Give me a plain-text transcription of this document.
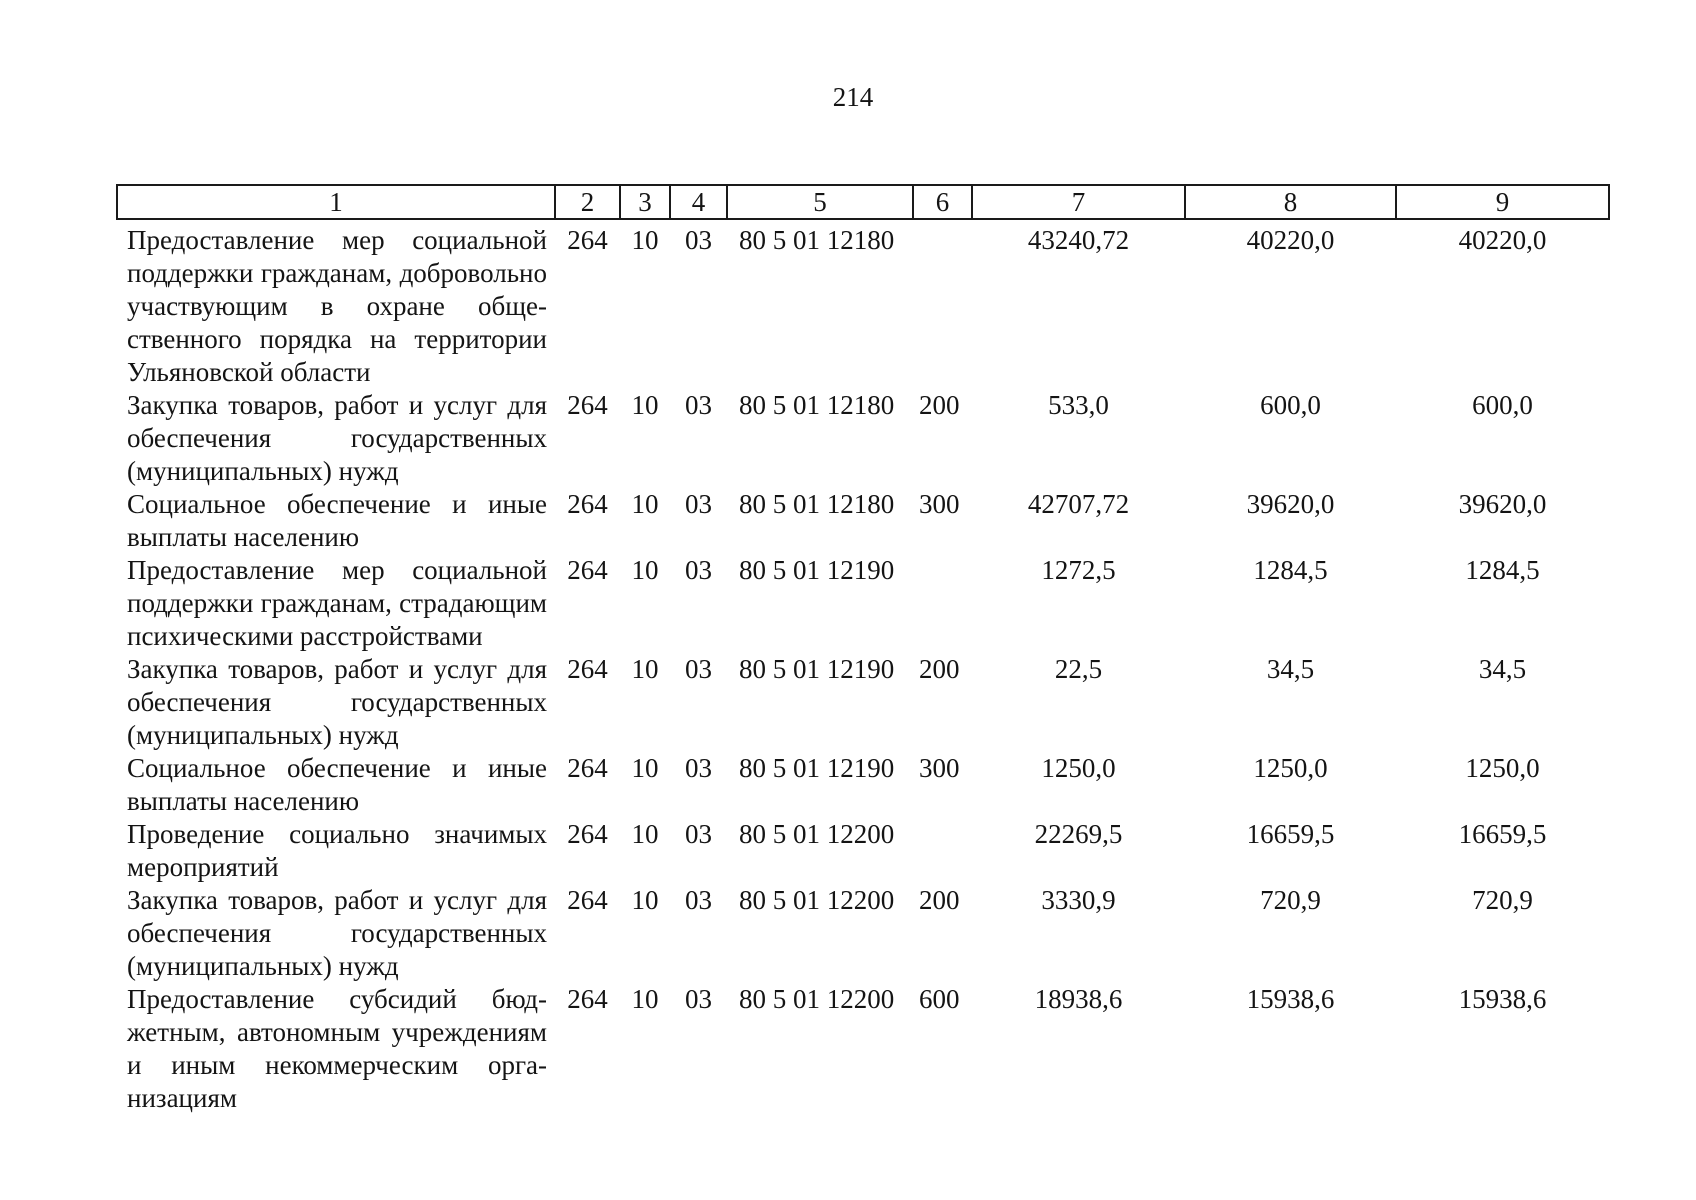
214
1	2	3	4	5	6	7	8	9
Предоставление мер социальной поддержки гражданам, добровольно участвующим в охране общественного порядка на территории Ульяновской области	264	10	03	80 5 01 12180		43240,72	40220,0	40220,0
Закупка товаров, работ и услуг для обеспечения государственных (муниципальных) нужд	264	10	03	80 5 01 12180	200	533,0	600,0	600,0
Социальное обеспечение и иные выплаты населению	264	10	03	80 5 01 12180	300	42707,72	39620,0	39620,0
Предоставление мер социальной поддержки гражданам, страдающим психическими расстройствами	264	10	03	80 5 01 12190		1272,5	1284,5	1284,5
Закупка товаров, работ и услуг для обеспечения государственных (муниципальных) нужд	264	10	03	80 5 01 12190	200	22,5	34,5	34,5
Социальное обеспечение и иные выплаты населению	264	10	03	80 5 01 12190	300	1250,0	1250,0	1250,0
Проведение социально значимых мероприятий	264	10	03	80 5 01 12200		22269,5	16659,5	16659,5
Закупка товаров, работ и услуг для обеспечения государственных (муниципальных) нужд	264	10	03	80 5 01 12200	200	3330,9	720,9	720,9
Предоставление субсидий бюджетным, автономным учреждениям и иным некоммерческим организациям	264	10	03	80 5 01 12200	600	18938,6	15938,6	15938,6
